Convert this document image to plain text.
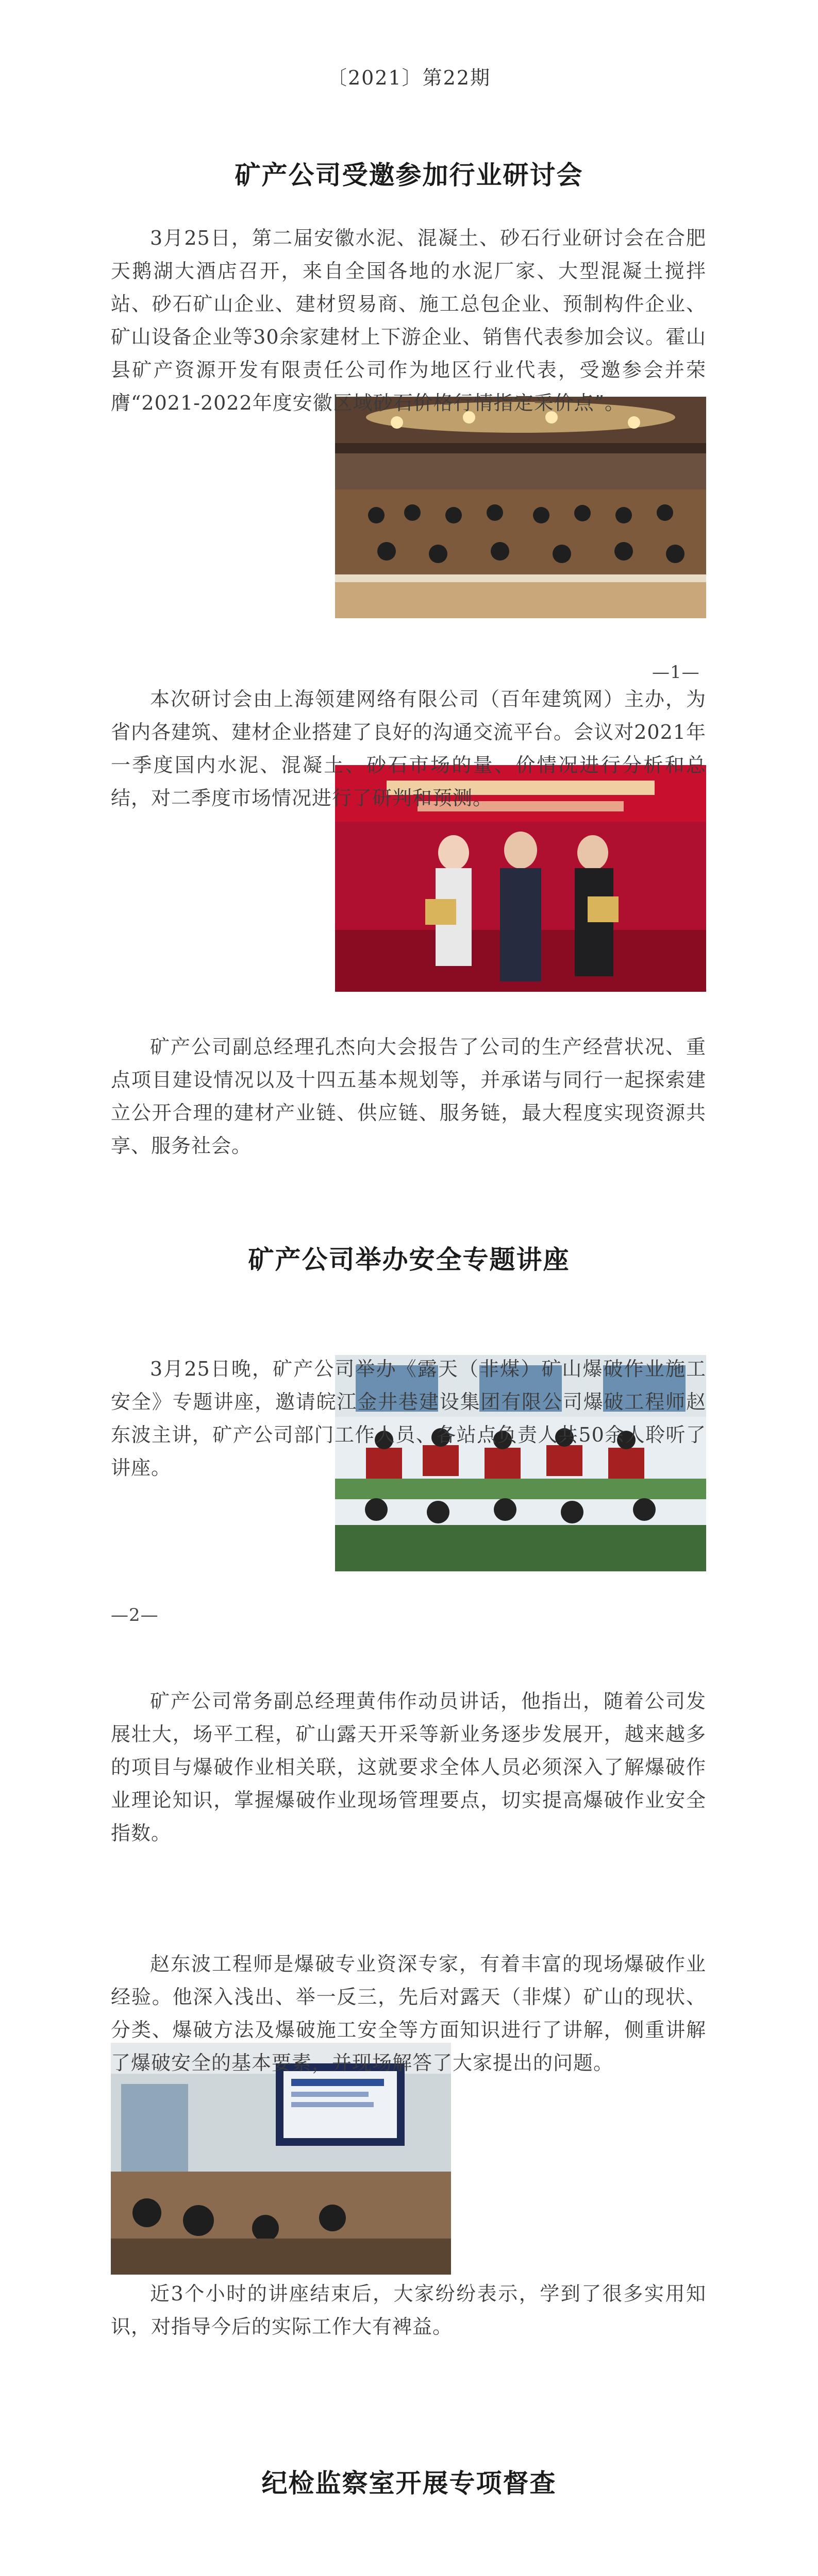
〔2021〕第22期
矿产公司受邀参加行业研讨会
3月25日，第二届安徽水泥、混凝土、砂石行业研讨会在合肥天鹅湖大酒店召开，来自全国各地的水泥厂家、大型混凝土搅拌站、砂石矿山企业、建材贸易商、施工总包企业、预制构件企业、矿山设备企业等30余家建材上下游企业、销售代表参加会议。霍山县矿产资源开发有限责任公司作为地区行业代表，受邀参会并荣膺“2021-2022年度安徽区域砂石价格行情指定采价点”。
—1—
本次研讨会由上海领建网络有限公司（百年建筑网）主办，为省内各建筑、建材企业搭建了良好的沟通交流平台。会议对2021年一季度国内水泥、混凝土、砂石市场的量、价情况进行分析和总结，对二季度市场情况进行了研判和预测。
矿产公司副总经理孔杰向大会报告了公司的生产经营状况、重点项目建设情况以及十四五基本规划等，并承诺与同行一起探索建立公开合理的建材产业链、供应链、服务链，最大程度实现资源共享、服务社会。
矿产公司举办安全专题讲座
3月25日晚，矿产公司举办《露天（非煤）矿山爆破作业施工安全》专题讲座，邀请皖江金井巷建设集团有限公司爆破工程师赵东波主讲，矿产公司部门工作人员、各站点负责人共50余人聆听了讲座。
—2—
矿产公司常务副总经理黄伟作动员讲话，他指出，随着公司发展壮大，场平工程，矿山露天开采等新业务逐步发展开，越来越多的项目与爆破作业相关联，这就要求全体人员必须深入了解爆破作业理论知识，掌握爆破作业现场管理要点，切实提高爆破作业安全指数。
赵东波工程师是爆破专业资深专家，有着丰富的现场爆破作业经验。他深入浅出、举一反三，先后对露天（非煤）矿山的现状、分类、爆破方法及爆破施工安全等方面知识进行了讲解，侧重讲解了爆破安全的基本要素，并现场解答了大家提出的问题。
近3个小时的讲座结束后，大家纷纷表示，学到了很多实用知识，对指导今后的实际工作大有裨益。
纪检监察室开展专项督查
